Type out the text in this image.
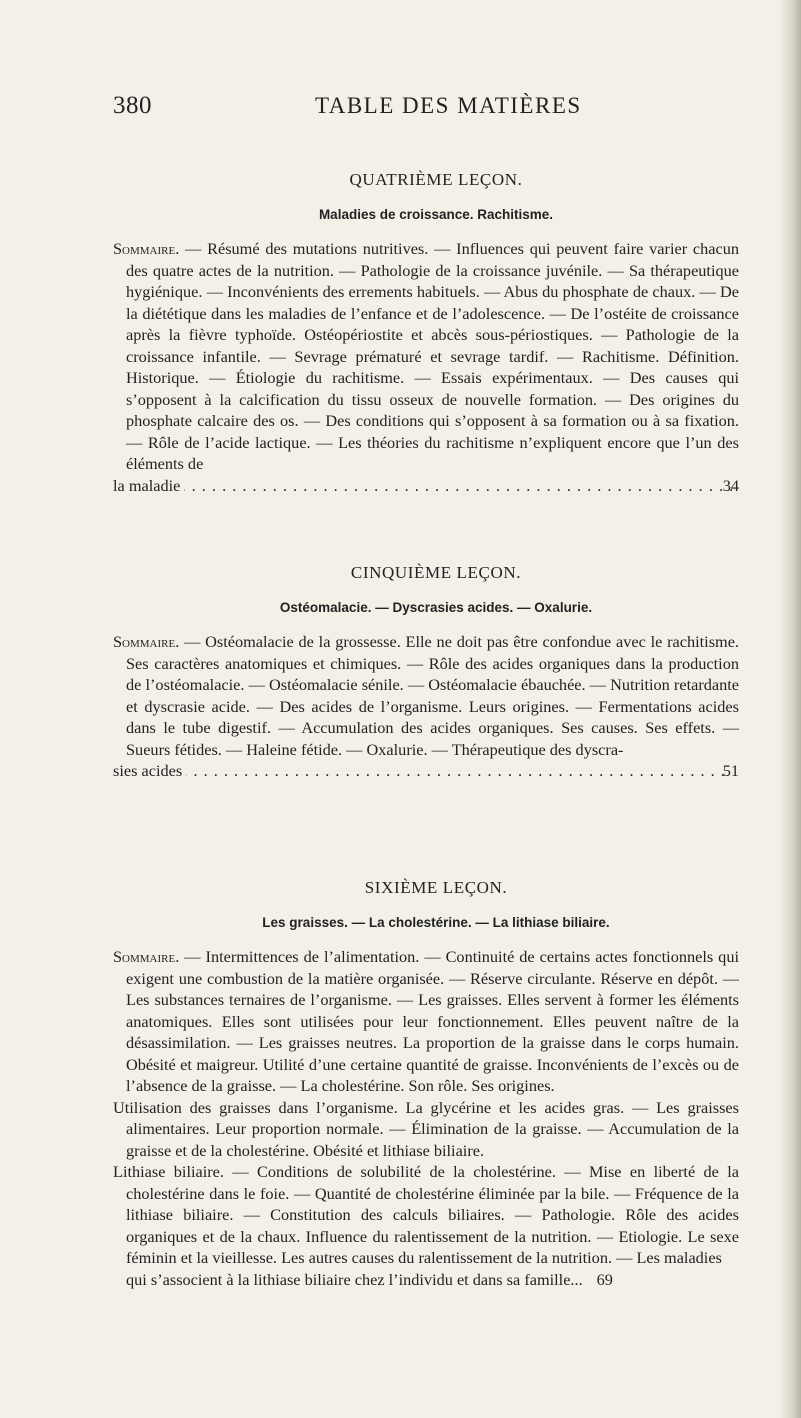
380	TABLE DES MATIÈRES

QUATRIÈME LEÇON.

Maladies de croissance. Rachitisme.

Sommaire. — Résumé des mutations nutritives. — Influences qui peuvent faire varier chacun des quatre actes de la nutrition. — Pathologie de la croissance juvénile. — Sa thérapeutique hygiénique. — Inconvénients des errements habituels. — Abus du phosphate de chaux. — De la diététique dans les maladies de l’enfance et de l’adolescence. — De l’ostéite de croissance après la fièvre typhoïde. Ostéopériostite et abcès sous-périostiques. — Pathologie de la croissance infantile. — Sevrage prématuré et sevrage tardif. — Rachitisme. Définition. Historique. — Étiologie du rachitisme. — Essais expérimentaux. — Des causes qui s’opposent à la calcification du tissu osseux de nouvelle formation. — Des origines du phosphate calcaire des os. — Des conditions qui s’opposent à sa formation ou à sa fixation. — Rôle de l’acide lactique. — Les théories du rachitisme n’expliquent encore que l’un des éléments de
la maladie . . .	34

CINQUIÈME LEÇON.

Ostéomalacie. — Dyscrasies acides. — Oxalurie.

Sommaire. — Ostéomalacie de la grossesse. Elle ne doit pas être confondue avec le rachitisme. Ses caractères anatomiques et chimiques. — Rôle des acides organiques dans la production de l’ostéomalacie. — Ostéomalacie sénile. — Ostéomalacie ébauchée. — Nutrition retardante et dyscrasie acide. — Des acides de l’organisme. Leurs origines. — Fermentations acides dans le tube digestif. — Accumulation des acides organiques. Ses causes. Ses effets. — Sueurs fétides. — Haleine fétide. — Oxalurie. — Thérapeutique des dyscra-
sies acides . . .	51

SIXIÈME LEÇON.

Les graisses. — La cholestérine. — La lithiase biliaire.

Sommaire. — Intermittences de l’alimentation. — Continuité de certains actes fonctionnels qui exigent une combustion de la matière organisée. — Réserve circulante. Réserve en dépôt. — Les substances ternaires de l’organisme. — Les graisses. Elles servent à former les éléments anatomiques. Elles sont utilisées pour leur fonctionnement. Elles peuvent naître de la désassimilation. — Les graisses neutres. La proportion de la graisse dans le corps humain. Obésité et maigreur. Utilité d’une certaine quantité de graisse. Inconvénients de l’excès ou de l’absence de la graisse. — La cholestérine. Son rôle. Ses origines.

Utilisation des graisses dans l’organisme. La glycérine et les acides gras. — Les graisses alimentaires. Leur proportion normale. — Élimination de la graisse. — Accumulation de la graisse et de la cholestérine. Obésité et lithiase biliaire.

Lithiase biliaire. — Conditions de solubilité de la cholestérine. — Mise en liberté de la cholestérine dans le foie. — Quantité de cholestérine éliminée par la bile. — Fréquence de la lithiase biliaire. — Constitution des calculs biliaires. — Pathologie. Rôle des acides organiques et de la chaux. Influence du ralentissement de la nutrition. — Etiologie. Le sexe féminin et la vieillesse. Les autres causes du ralentissement de la nutrition. — Les maladies
qui s’associent à la lithiase biliaire chez l’individu et dans sa famille... 69
